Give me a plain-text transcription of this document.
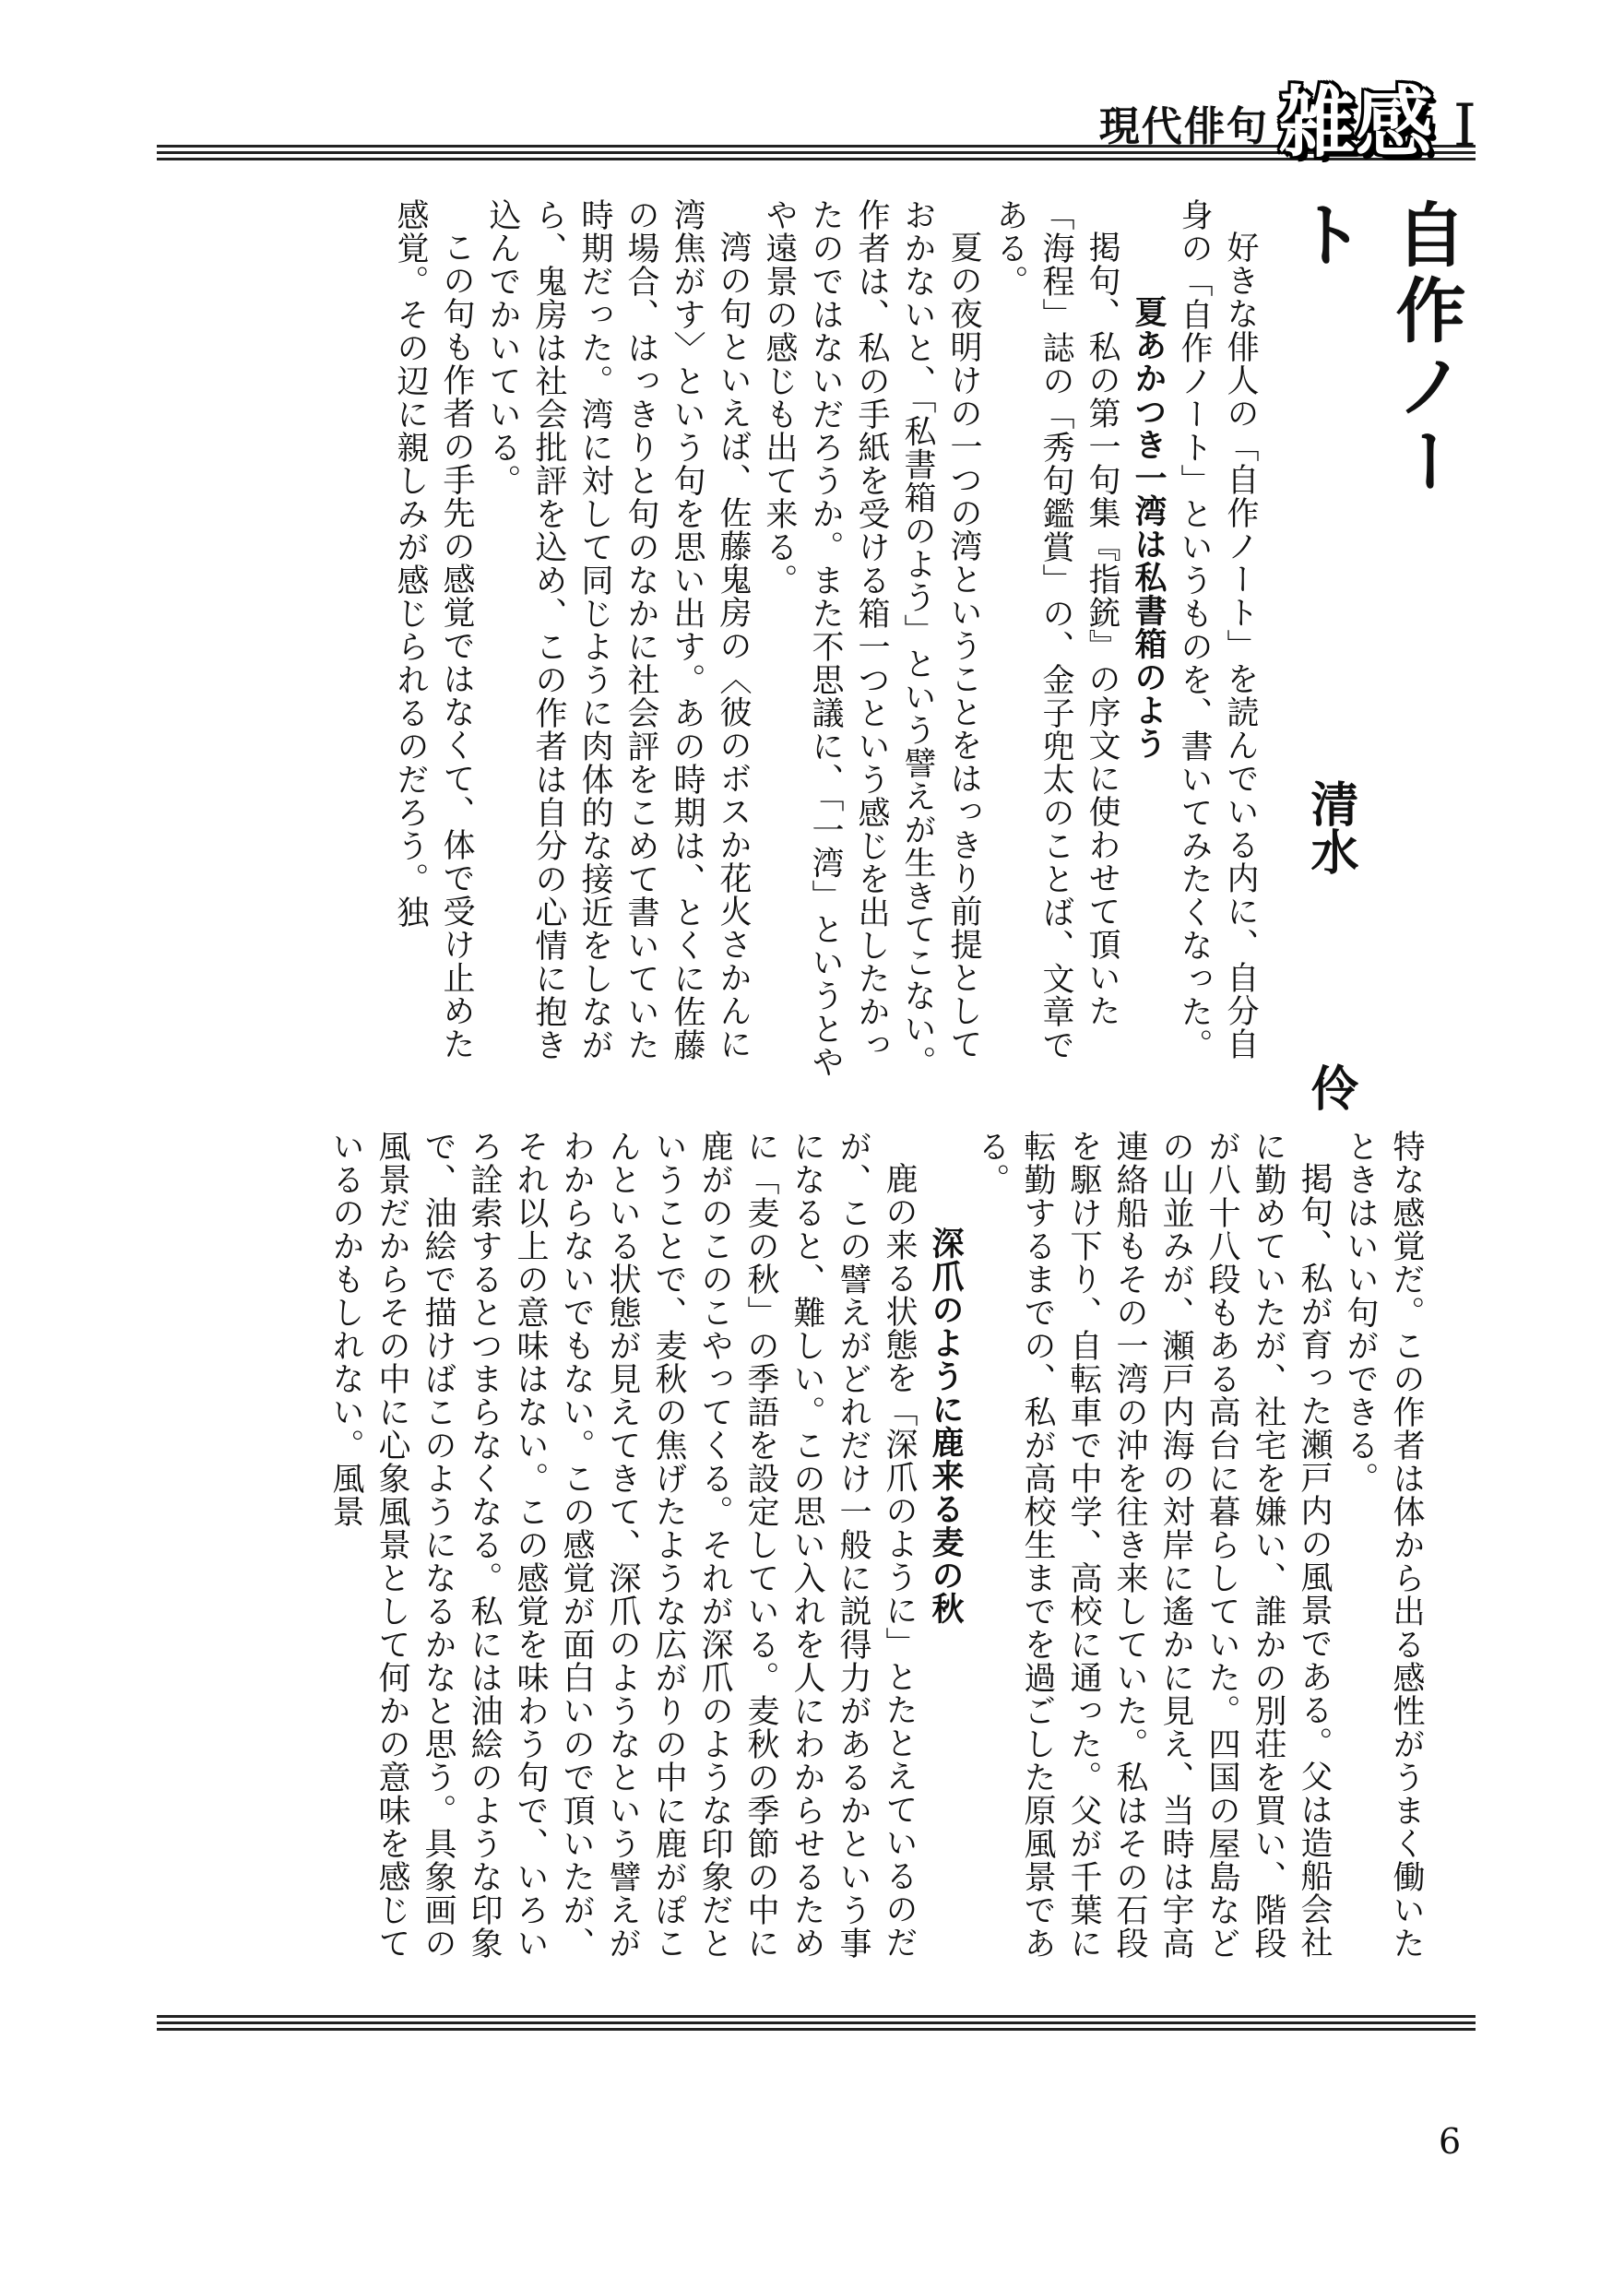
現代俳句 雑感 I
自作ノート
清水
伶

好きな俳人の「自作ノート」を読んでいる内に、自分自身の「自作ノート」というものを、書いてみたくなった。

夏あかつき一湾は私書箱のよう

掲句、私の第一句集『指銃』の序文に使わせて頂いた「海程」誌の「秀句鑑賞」の、金子兜太のことば、文章である。

夏の夜明けの一つの湾ということをはっきり前提としておかないと、「私書箱のよう」という譬えが生きてこない。作者は、私の手紙を受ける箱一つという感じを出したかったのではないだろうか。また不思議に、「一湾」というとやや遠景の感じも出て来る。

湾の句といえば、佐藤鬼房の〈彼のボスか花火さかんに湾焦がす〉という句を思い出す。あの時期は、とくに佐藤の場合、はっきりと句のなかに社会評をこめて書いていた時期だった。湾に対して同じように肉体的な接近をしながら、鬼房は社会批評を込め、この作者は自分の心情に抱き込んでかいている。

この句も作者の手先の感覚ではなくて、体で受け止めた感覚。その辺に親しみが感じられるのだろう。独

特な感覚だ。この作者は体から出る感性がうまく働いたときはいい句ができる。

掲句、私が育った瀬戸内の風景である。父は造船会社に勤めていたが、社宅を嫌い、誰かの別荘を買い、階段が八十八段もある高台に暮らしていた。四国の屋島などの山並みが、瀬戸内海の対岸に遙かに見え、当時は宇高連絡船もその一湾の沖を往き来していた。私はその石段を駆け下り、自転車で中学、高校に通った。父が千葉に転勤するまでの、私が高校生までを過ごした原風景である。

深爪のように鹿来る麦の秋

鹿の来る状態を「深爪のように」とたとえているのだが、この譬えがどれだけ一般に説得力があるかという事になると、難しい。この思い入れを人にわからせるために「麦の秋」の季語を設定している。麦秋の季節の中に鹿がのこのこやってくる。それが深爪のような印象だということで、麦秋の焦げたような広がりの中に鹿がぽこんといる状態が見えてきて、深爪のようなという譬えがわからないでもない。この感覚が面白いので頂いたが、それ以上の意味はない。この感覚を味わう句で、いろいろ詮索するとつまらなくなる。私には油絵のような印象で、油絵で描けばこのようになるかなと思う。具象画の風景だからその中に心象風景として何かの意味を感じているのかもしれない。風景

6
